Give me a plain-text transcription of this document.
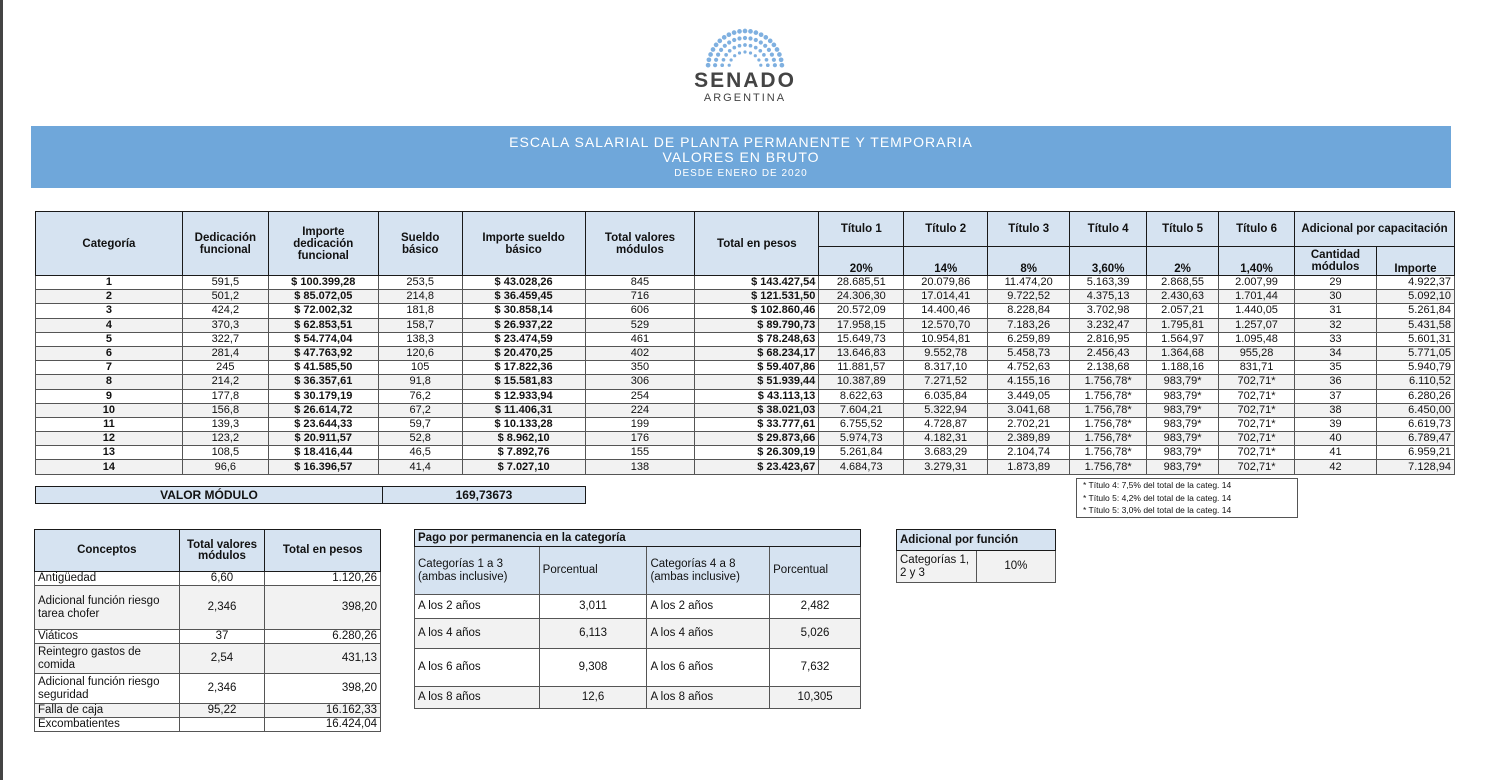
SENADO
ARGENTINA
ESCALA SALARIAL DE PLANTA PERMANENTE Y TEMPORARIA
VALORES EN BRUTO
DESDE ENERO DE 2020
Categoría	Dedicación funcional	Importe dedicación funcional	Sueldo básico	Importe sueldo básico	Total valores módulos	Total en pesos	Título 1	Título 2	Título 3	Título 4	Título 5	Título 6	Adicional por capacitación	
							20%	14%	8%	3,60%	2%	1,40%	Cantidad módulos	Importe
1	591,5	$ 100.399,28	253,5	$ 43.028,26	845	$ 143.427,54	28.685,51	20.079,86	11.474,20	5.163,39	2.868,55	2.007,99	29	4.922,37
2	501,2	$ 85.072,05	214,8	$ 36.459,45	716	$ 121.531,50	24.306,30	17.014,41	9.722,52	4.375,13	2.430,63	1.701,44	30	5.092,10
3	424,2	$ 72.002,32	181,8	$ 30.858,14	606	$ 102.860,46	20.572,09	14.400,46	8.228,84	3.702,98	2.057,21	1.440,05	31	5.261,84
4	370,3	$ 62.853,51	158,7	$ 26.937,22	529	$ 89.790,73	17.958,15	12.570,70	7.183,26	3.232,47	1.795,81	1.257,07	32	5.431,58
5	322,7	$ 54.774,04	138,3	$ 23.474,59	461	$ 78.248,63	15.649,73	10.954,81	6.259,89	2.816,95	1.564,97	1.095,48	33	5.601,31
6	281,4	$ 47.763,92	120,6	$ 20.470,25	402	$ 68.234,17	13.646,83	9.552,78	5.458,73	2.456,43	1.364,68	955,28	34	5.771,05
7	245	$ 41.585,50	105	$ 17.822,36	350	$ 59.407,86	11.881,57	8.317,10	4.752,63	2.138,68	1.188,16	831,71	35	5.940,79
8	214,2	$ 36.357,61	91,8	$ 15.581,83	306	$ 51.939,44	10.387,89	7.271,52	4.155,16	1.756,78*	983,79*	702,71*	36	6.110,52
9	177,8	$ 30.179,19	76,2	$ 12.933,94	254	$ 43.113,13	8.622,63	6.035,84	3.449,05	1.756,78*	983,79*	702,71*	37	6.280,26
10	156,8	$ 26.614,72	67,2	$ 11.406,31	224	$ 38.021,03	7.604,21	5.322,94	3.041,68	1.756,78*	983,79*	702,71*	38	6.450,00
11	139,3	$ 23.644,33	59,7	$ 10.133,28	199	$ 33.777,61	6.755,52	4.728,87	2.702,21	1.756,78*	983,79*	702,71*	39	6.619,73
12	123,2	$ 20.911,57	52,8	$ 8.962,10	176	$ 29.873,66	5.974,73	4.182,31	2.389,89	1.756,78*	983,79*	702,71*	40	6.789,47
13	108,5	$ 18.416,44	46,5	$ 7.892,76	155	$ 26.309,19	5.261,84	3.683,29	2.104,74	1.756,78*	983,79*	702,71*	41	6.959,21
14	96,6	$ 16.396,57	41,4	$ 7.027,10	138	$ 23.423,67	4.684,73	3.279,31	1.873,89	1.756,78*	983,79*	702,71*	42	7.128,94
VALOR MÓDULO	169,73673
* Título 4: 7,5% del total de la categ. 14
* Título 5: 4,2% del total de la categ. 14
* Título 5: 3,0% del total de la categ. 14
Conceptos	Total valores módulos	Total en pesos
Antigüedad	6,60	1.120,26
Adicional función riesgo tarea chofer	2,346	398,20
Viáticos	37	6.280,26
Reintegro gastos de comida	2,54	431,13
Adicional función riesgo seguridad	2,346	398,20
Falla de caja	95,22	16.162,33
Excombatientes		16.424,04
Pago por permanencia en la categoría			
Categorías 1 a 3 (ambas inclusive)	Porcentual	Categorías 4 a 8 (ambas inclusive)	Porcentual
A los 2 años	3,011	A los 2 años	2,482
A los 4 años	6,113	A los 4 años	5,026
A los 6 años	9,308	A los 6 años	7,632
A los 8 años	12,6	A los 8 años	10,305
Adicional por función
Categorías 1, 2 y 3	10%
